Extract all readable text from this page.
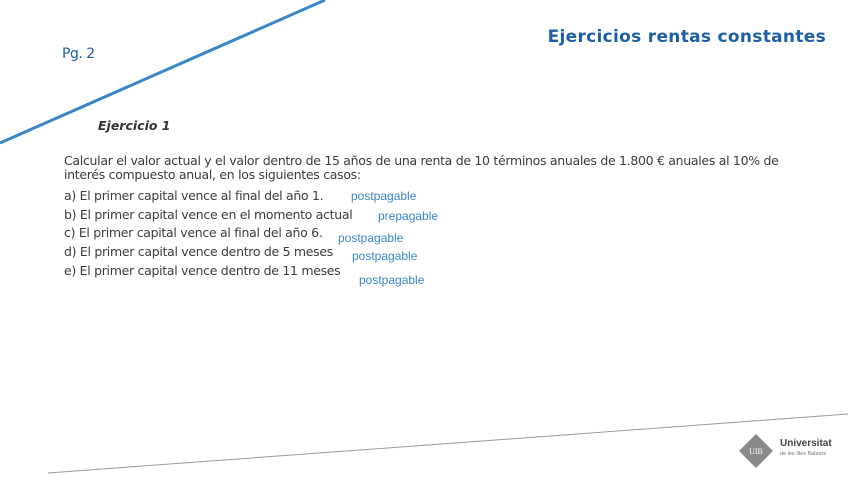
Pg. 2
Ejercicios rentas constantes
Ejercicio 1
Calcular el valor actual y el valor dentro de 15 años de una renta de 10 términos anuales de 1.800 € anuales al 10% de interés compuesto anual, en los siguientes casos:
a) El primer capital vence al final del año 1.
b) El primer capital vence en el momento actual
c) El primer capital vence al final del año 6.
d) El primer capital vence dentro de 5 meses
e) El primer capital vence dentro de 11 meses
postpagable
prepagable
postpagable
postpagable
postpagable
UIB
Universitat
de les Illes Balears
